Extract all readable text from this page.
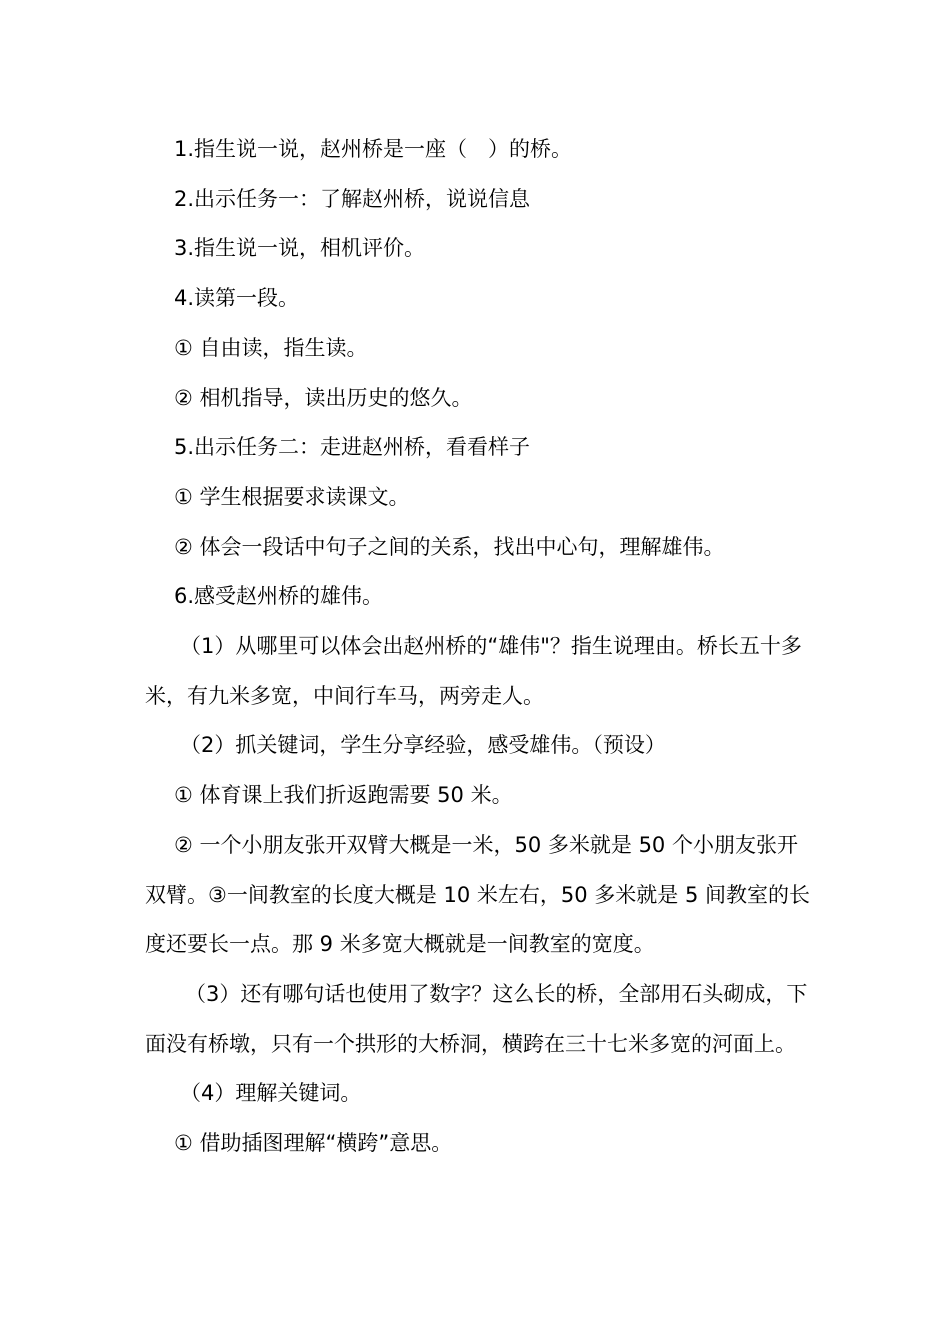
1.指生说一说，赵州桥是一座（　）的桥。

2.出示任务一：了解赵州桥，说说信息

3.指生说一说，相机评价。

4.读第一段。

① 自由读，指生读。

② 相机指导，读出历史的悠久。

5.出示任务二：走进赵州桥，看看样子

① 学生根据要求读课文。

② 体会一段话中句子之间的关系，找出中心句，理解雄伟。

6.感受赵州桥的雄伟。

（1）从哪里可以体会出赵州桥的“雄伟"？指生说理由。桥长五十多米，有九米多宽，中间行车马，两旁走人。

（2）抓关键词，学生分享经验，感受雄伟。（预设）

① 体育课上我们折返跑需要 50 米。

② 一个小朋友张开双臂大概是一米，50 多米就是 50 个小朋友张开双臂。③一间教室的长度大概是 10 米左右，50 多米就是 5 间教室的长度还要长一点。那 9 米多宽大概就是一间教室的宽度。

（3）还有哪句话也使用了数字？这么长的桥，全部用石头砌成，下面没有桥墩，只有一个拱形的大桥洞，横跨在三十七米多宽的河面上。

（4）理解关键词。

① 借助插图理解“横跨”意思。
